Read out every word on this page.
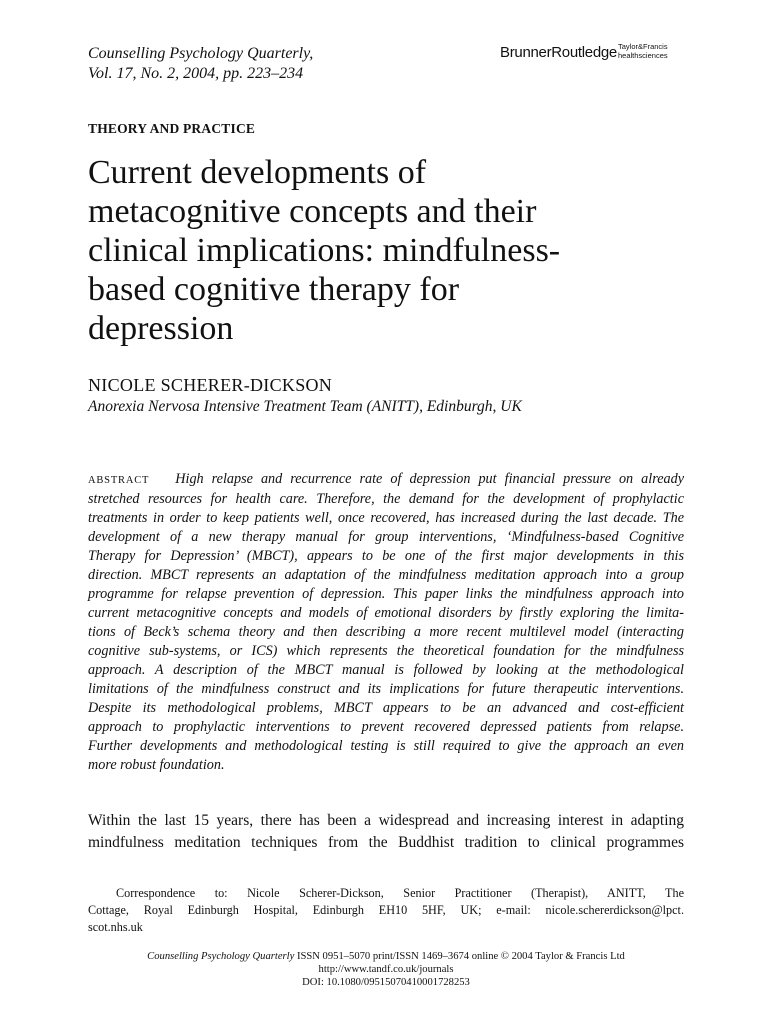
Counselling Psychology Quarterly,
Vol. 17, No. 2, 2004, pp. 223–234
BrunnerRoutledge Taylor&Francis
healthsciences
THEORY AND PRACTICE
Current developments of
metacognitive concepts and their
clinical implications: mindfulness-
based cognitive therapy for
depression
NICOLE SCHERER-DICKSON
Anorexia Nervosa Intensive Treatment Team (ANITT), Edinburgh, UK
ABSTRACT High relapse and recurrence rate of depression put financial pressure on already
stretched resources for health care. Therefore, the demand for the development of prophylactic
treatments in order to keep patients well, once recovered, has increased during the last decade. The
development of a new therapy manual for group interventions, ‘Mindfulness-based Cognitive
Therapy for Depression’ (MBCT), appears to be one of the first major developments in this
direction. MBCT represents an adaptation of the mindfulness meditation approach into a group
programme for relapse prevention of depression. This paper links the mindfulness approach into
current metacognitive concepts and models of emotional disorders by firstly exploring the limita-
tions of Beck’s schema theory and then describing a more recent multilevel model (interacting
cognitive sub-systems, or ICS) which represents the theoretical foundation for the mindfulness
approach. A description of the MBCT manual is followed by looking at the methodological
limitations of the mindfulness construct and its implications for future therapeutic interventions.
Despite its methodological problems, MBCT appears to be an advanced and cost-efficient
approach to prophylactic interventions to prevent recovered depressed patients from relapse.
Further developments and methodological testing is still required to give the approach an even
more robust foundation.
Within the last 15 years, there has been a widespread and increasing interest in adapting
mindfulness meditation techniques from the Buddhist tradition to clinical programmes
Correspondence to: Nicole Scherer-Dickson, Senior Practitioner (Therapist), ANITT, The
Cottage, Royal Edinburgh Hospital, Edinburgh EH10 5HF, UK; e-mail: nicole.schererdickson@lpct.
scot.nhs.uk
Counselling Psychology Quarterly ISSN 0951–5070 print/ISSN 1469–3674 online © 2004 Taylor & Francis Ltd
http://www.tandf.co.uk/journals
DOI: 10.1080/09515070410001728253
